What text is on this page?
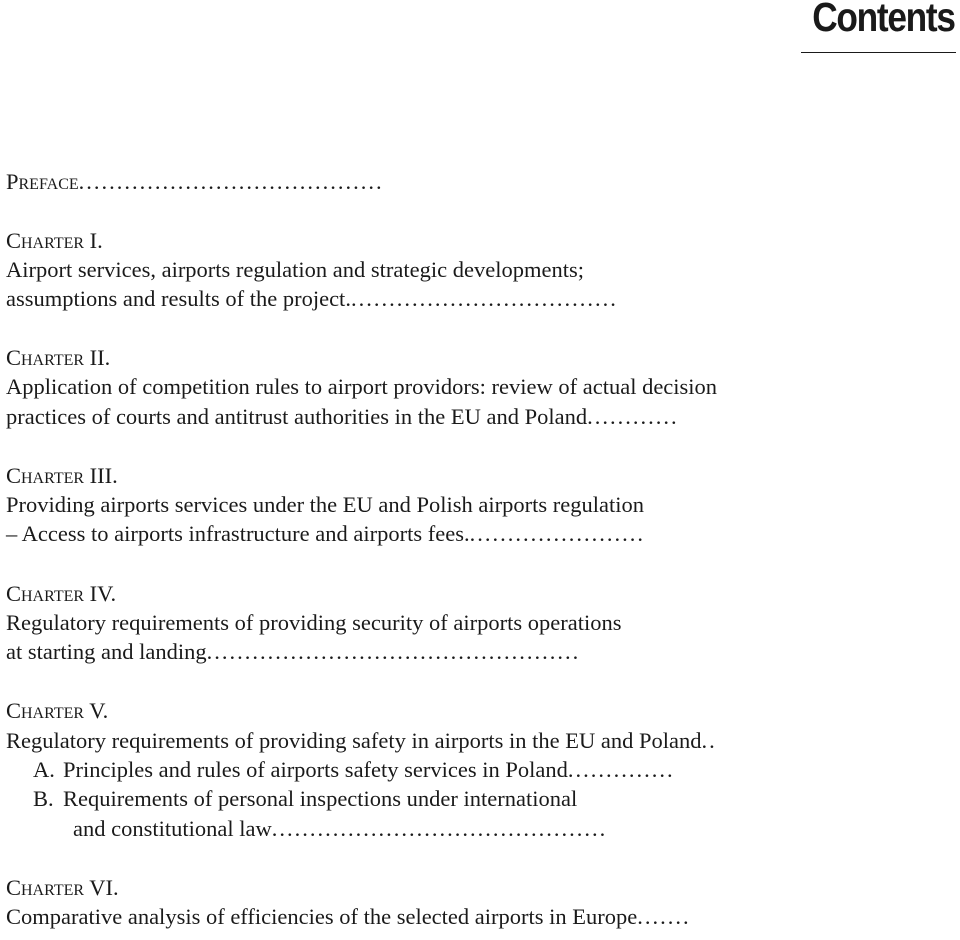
Contents
Preface........................................
Charter I.
Airport services, airports regulation and strategic developments;
assumptions and results of the project....................................
Charter II.
Application of competition rules to airport providors: review of actual decision
practices of courts and antitrust authorities in the EU and Poland............
Charter III.
Providing airports services under the EU and Polish airports regulation
– Access to airports infrastructure and airports fees........................
Charter IV.
Regulatory requirements of providing security of airports operations
at starting and landing.................................................
Charter V.
Regulatory requirements of providing safety in airports in the EU and Poland..
A. Principles and rules of airports safety services in Poland..............
B. Requirements of personal inspections under international
and constitutional law............................................
Charter VI.
Comparative analysis of efficiencies of the selected airports in Europe.......
